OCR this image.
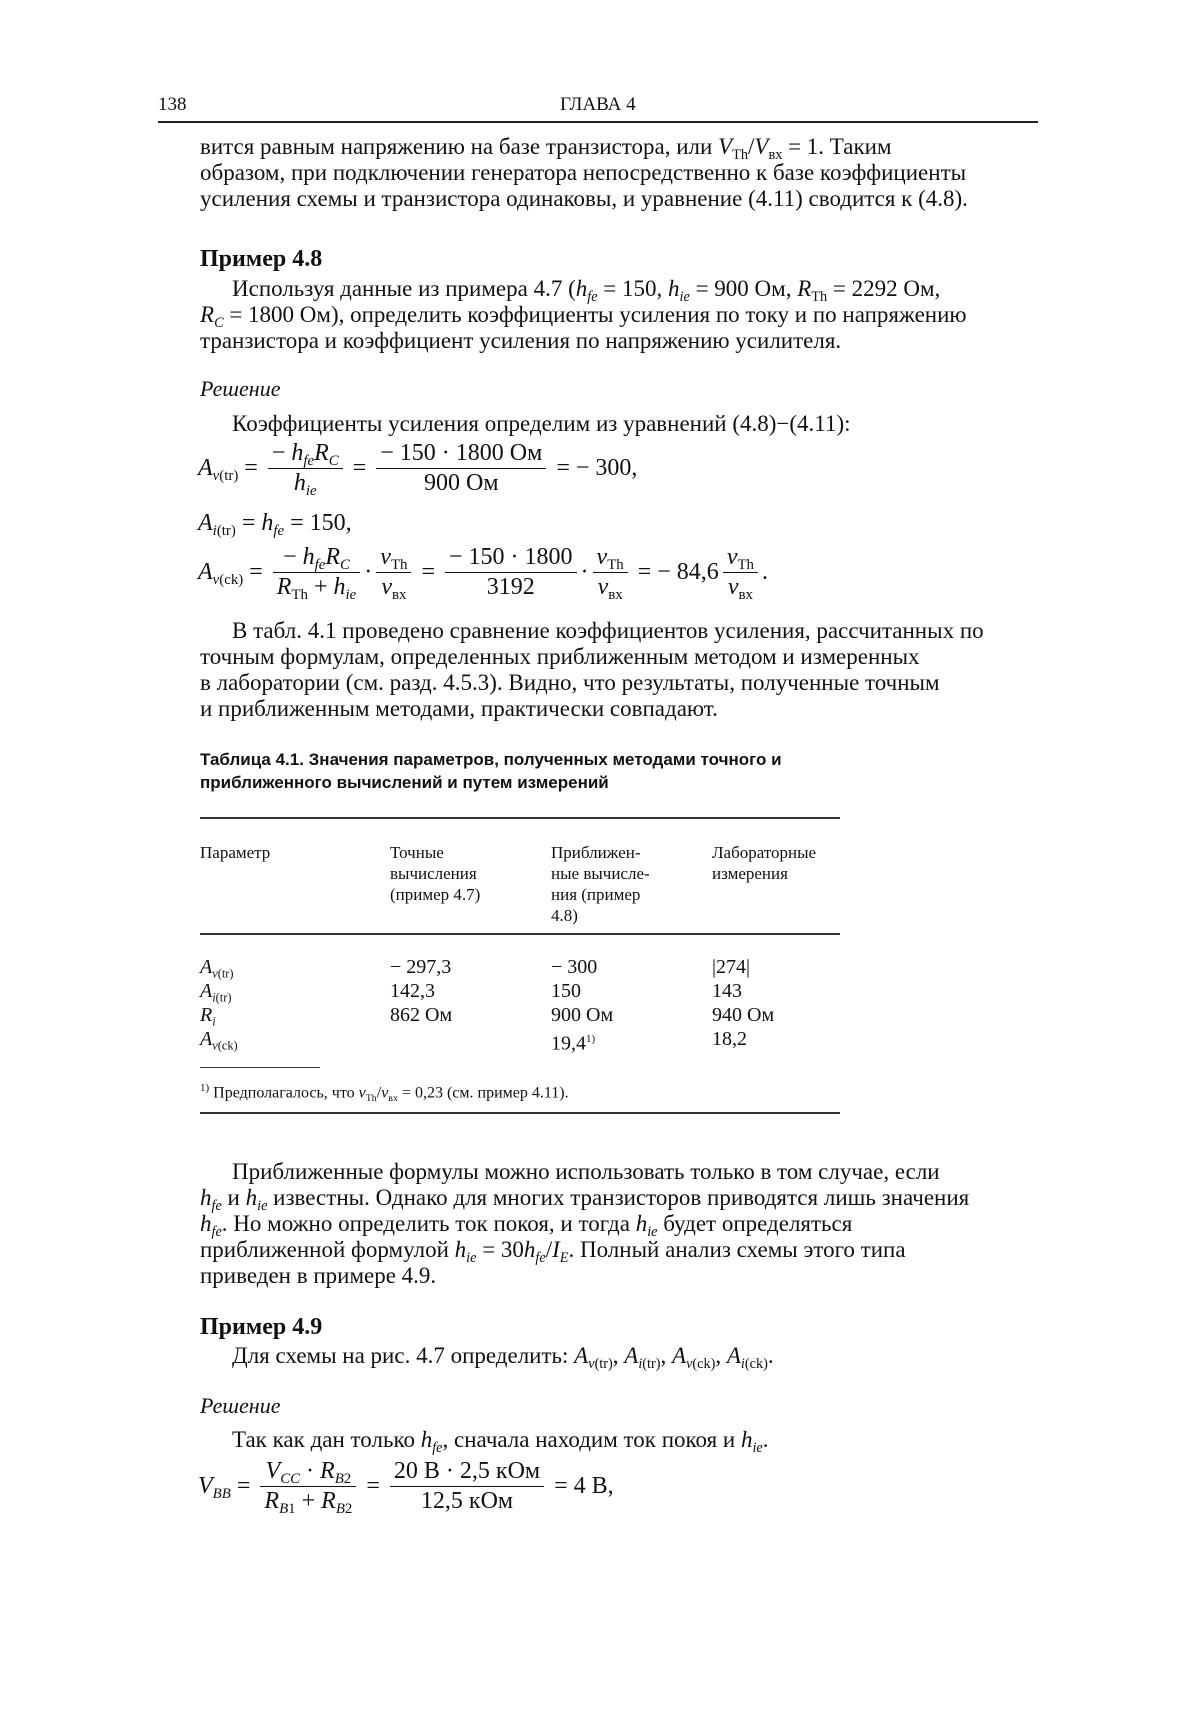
138	ГЛАВА 4
вится равным напряжению на базе транзистора, или $V_{Th}/V_{вх} = 1$. Таким
образом, при подключении генератора непосредственно к базе коэффициенты
усиления схемы и транзистора одинаковы, и уравнение (4.11) сводится к (4.8).
Пример 4.8
Используя данные из примера 4.7 ($h_{fe} = 150$, $h_{ie} = 900$ Ом, $R_{Th} = 2292$ Ом,
$R_C = 1800$ Ом), определить коэффициенты усиления по току и по напряжению
транзистора и коэффициент усиления по напряжению усилителя.
Решение
Коэффициенты усиления определим из уравнений (4.8)−(4.11):
$A_{v(tr)} = \frac{- h_{fe}R_C}{h_{ie}} = \frac{- 150 \cdot 1800 Ом}{900 Ом}$ = − 300,
$A_{i(tr)} = h_{fe} = 150$,
$A_{v(ck)} = \frac{- h_{fe}R_C}{R_{Th} + h_{ie}} \cdot \frac{v_{Th}}{v_{вх}} = \frac{- 150 \cdot 1800}{3192} \cdot \frac{v_{Th}}{v_{вх}}$ = − $84,6 \frac{v_{Th}}{v_{вх}}$ .
В табл. 4.1 проведено сравнение коэффициентов усиления, рассчитанных по
точным формулам, определенных приближенным методом и измеренных
в лаборатории (см. разд. 4.5.3). Видно, что результаты, полученные точным
и приближенным методами, практически совпадают.
Таблица 4.1. Значения параметров, полученных методами точного и
приближенного вычислений и путем измерений
Параметр	Точные
вычисления
(пример 4.7)
Приближен-
ные вычисле-
ния (пример
4.8)
Лабораторные
измерения
$A_{v(tr)}$
$A_{i(tr)}$
$R_i$
$A_{v(ck)}$
− 297,3
142,3
862 Ом

− 300
150
900 Ом
19,4$^{1)}$
|274|
143
940 Ом
18,2
$^{1)}$ Предполагалось, что $v_{Th}/v_{вх} = 0,23$ (см. пример 4.11).
Приближенные формулы можно использовать только в том случае, если
$h_{fe}$ и $h_{ie}$ известны. Однако для многих транзисторов приводятся лишь значения
$h_{fe}$. Но можно определить ток покоя, и тогда $h_{ie}$ будет определяться
приближенной формулой $h_{ie} = 30h_{fe}/I_E$. Полный анализ схемы этого типа
приведен в примере 4.9.
Пример 4.9
Для схемы на рис. 4.7 определить: $A_{v(tr)}$, $A_{i(tr)}$, $A_{v(ck)}$, $A_{i(ck)}$.
Решение
Так как дан только $h_{fe}$, сначала находим ток покоя и $h_{ie}$.
$V_{BB} = \frac{V_{CC} \cdot R_{B2}}{R_{B1} + R_{B2}} = \frac{\text{20 В · 2,5 кОм}}{\text{12,5 кОм}} = 4$ В,
